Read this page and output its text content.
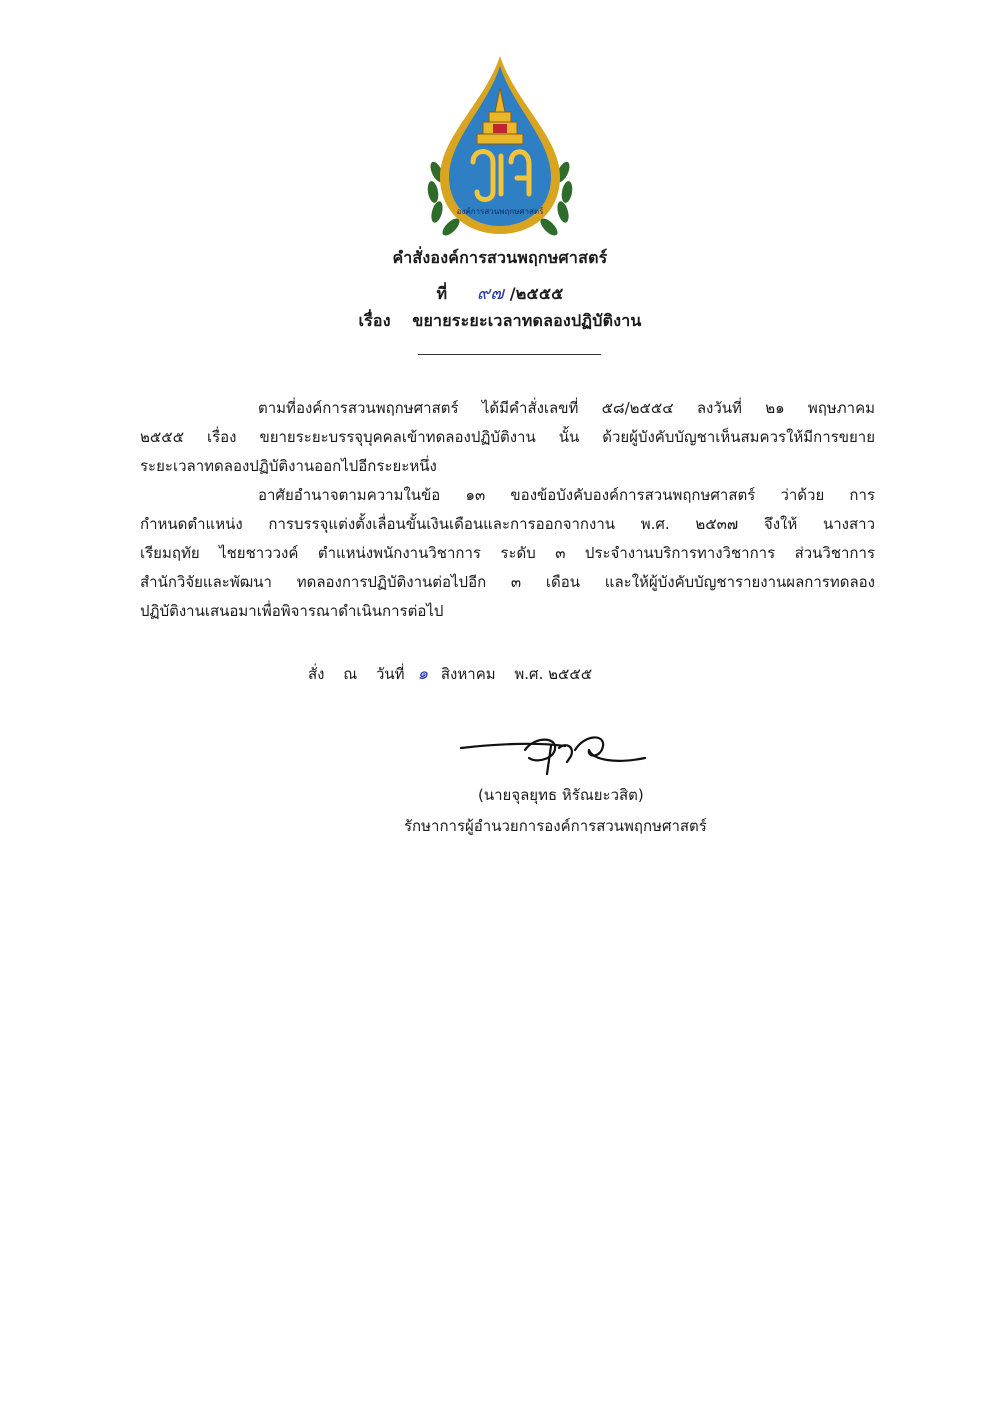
องค์การสวนพฤกษศาสตร์
คำสั่งองค์การสวนพฤกษศาสตร์
ที่ ๙๗ /๒๕๕๕
เรื่อง ขยายระยะเวลาทดลองปฏิบัติงาน
ตามที่องค์การสวนพฤกษศาสตร์ ได้มีคำสั่งเลขที่ ๕๘/๒๕๕๔ ลงวันที่ ๒๑ พฤษภาคม
๒๕๕๕ เรื่อง ขยายระยะบรรจุบุคคลเข้าทดลองปฏิบัติงาน นั้น ด้วยผู้บังคับบัญชาเห็นสมควรให้มีการขยาย
ระยะเวลาทดลองปฏิบัติงานออกไปอีกระยะหนึ่ง
อาศัยอำนาจตามความในข้อ ๑๓ ของข้อบังคับองค์การสวนพฤกษศาสตร์ ว่าด้วย การ
กำหนดตำแหน่ง การบรรจุแต่งตั้งเลื่อนขั้นเงินเดือนและการออกจากงาน พ.ศ. ๒๕๓๗ จึงให้ นางสาว
เรียมฤทัย ไชยชาววงค์ ตำแหน่งพนักงานวิชาการ ระดับ ๓ ประจำงานบริการทางวิชาการ ส่วนวิชาการ
สำนักวิจัยและพัฒนา ทดลองการปฏิบัติงานต่อไปอีก ๓ เดือน และให้ผู้บังคับบัญชารายงานผลการทดลอง
ปฏิบัติงานเสนอมาเพื่อพิจารณาดำเนินการต่อไป
สั่ง ณ วันที่ ๑ สิงหาคม พ.ศ. ๒๕๕๕
(นายจุลยุทธ หิรัณยะวสิต)
รักษาการผู้อำนวยการองค์การสวนพฤกษศาสตร์
